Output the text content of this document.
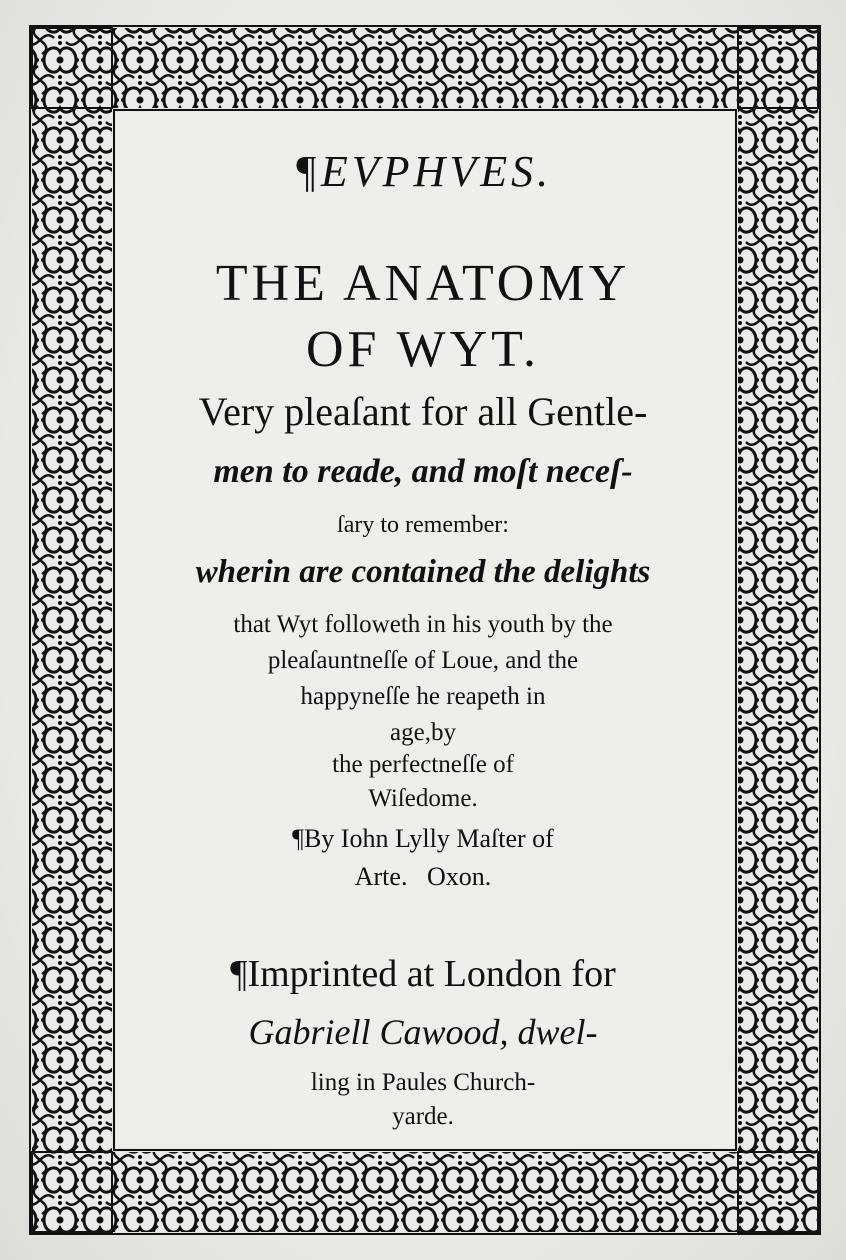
¶EVPHVES.
THE ANATOMY
OF WYT.
Very pleaſant for all Gentle-
men to reade, and moſt neceſ-
ſary to remember:
wherin are contained the delights
that Wyt followeth in his youth by the
pleaſauntneſſe of Loue, and the
happyneſſe he reapeth in
age,by
the perfectneſſe of
Wiſedome.
¶By Iohn Lylly Maſter of
Arte.   Oxon.
¶Imprinted at London for
Gabriell Cawood, dwel-
ling in Paules Church-
yarde.
